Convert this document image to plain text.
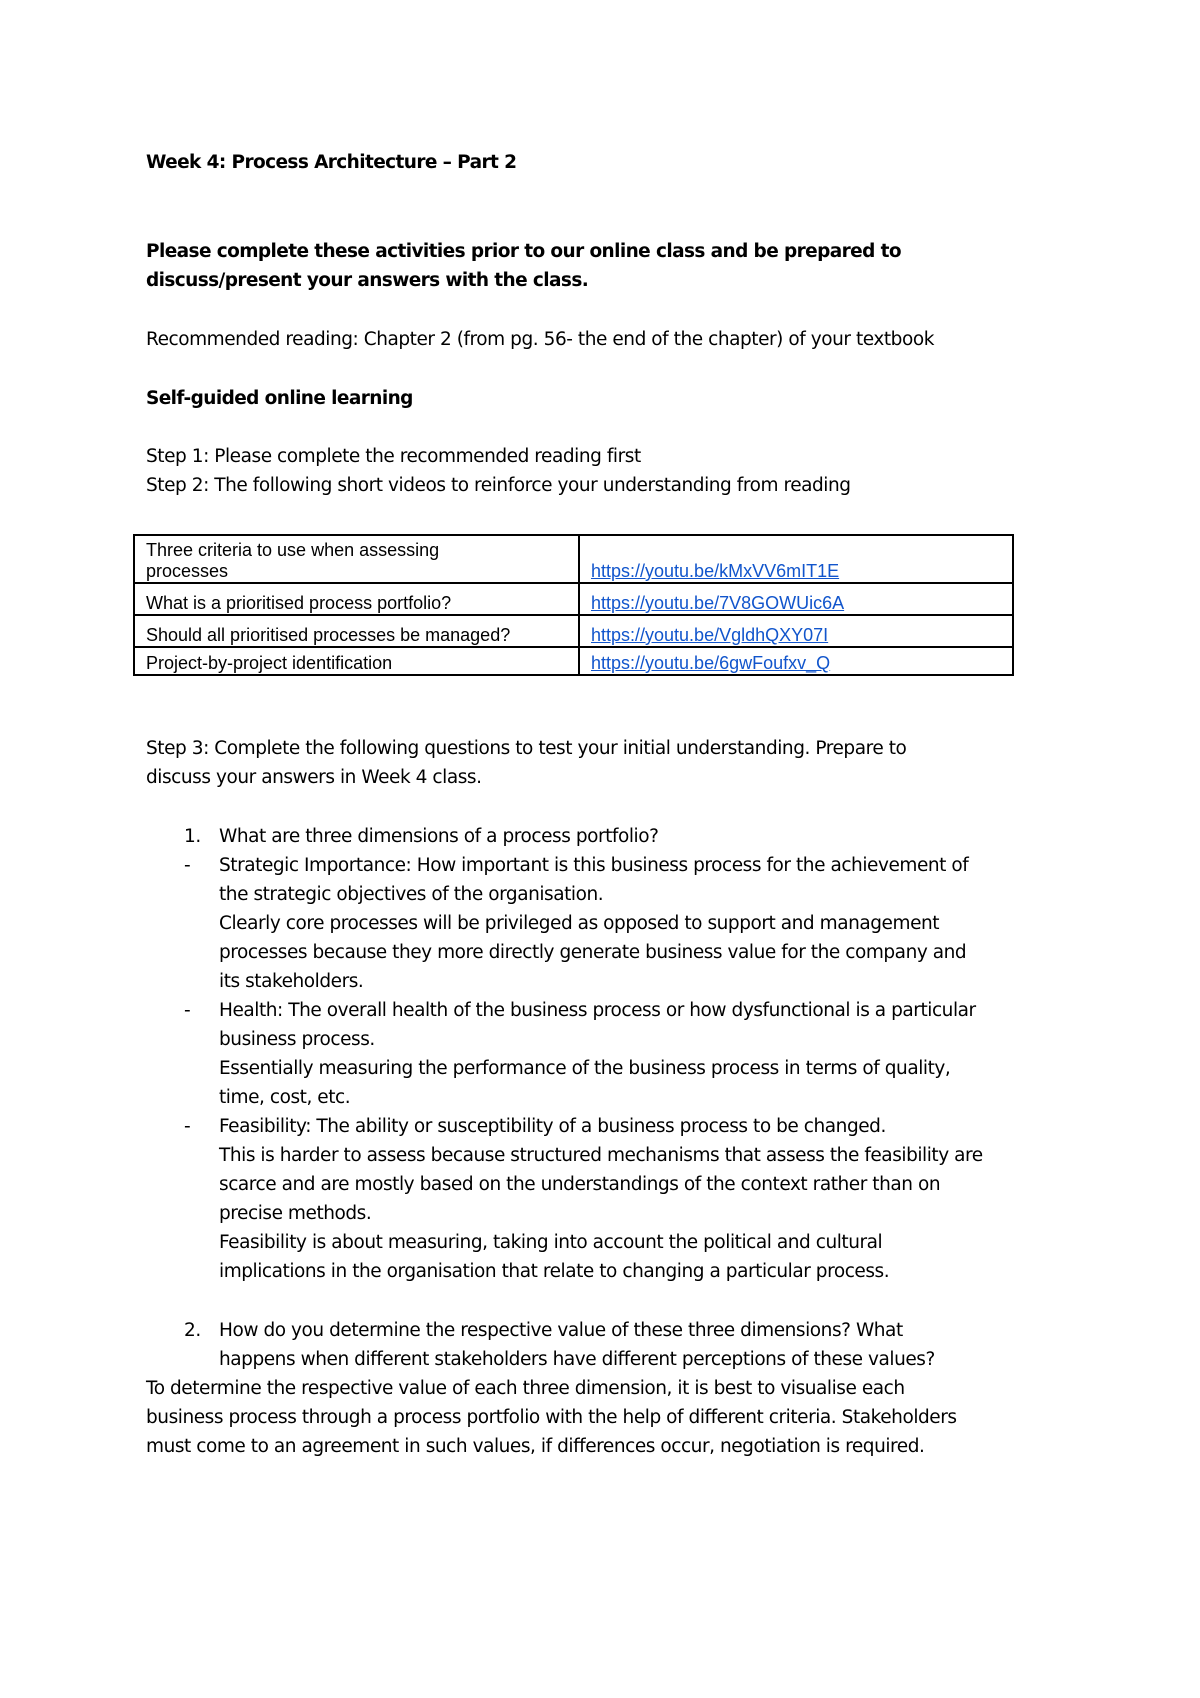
Week 4: Process Architecture – Part 2
Please complete these activities prior to our online class and be prepared to
discuss/present your answers with the class.
Recommended reading: Chapter 2 (from pg. 56- the end of the chapter) of your textbook
Self-guided online learning
Step 1: Please complete the recommended reading first
Step 2: The following short videos to reinforce your understanding from reading
Three criteria to use when assessing
processes	https://youtu.be/kMxVV6mIT1E

What is a prioritised process portfolio?	https://youtu.be/7V8GOWUic6A

Should all prioritised processes be managed?	https://youtu.be/VgldhQXY07I

Project-by-project identification	https://youtu.be/6gwFoufxv_Q
Step 3: Complete the following questions to test your initial understanding. Prepare to
discuss your answers in Week 4 class.
1. What are three dimensions of a process portfolio?
- Strategic Importance: How important is this business process for the achievement of
the strategic objectives of the organisation.
Clearly core processes will be privileged as opposed to support and management
processes because they more directly generate business value for the company and
its stakeholders.
- Health: The overall health of the business process or how dysfunctional is a particular
business process.
Essentially measuring the performance of the business process in terms of quality,
time, cost, etc.
- Feasibility: The ability or susceptibility of a business process to be changed.
This is harder to assess because structured mechanisms that assess the feasibility are
scarce and are mostly based on the understandings of the context rather than on
precise methods.
Feasibility is about measuring, taking into account the political and cultural
implications in the organisation that relate to changing a particular process.
2. How do you determine the respective value of these three dimensions? What
happens when different stakeholders have different perceptions of these values?
To determine the respective value of each three dimension, it is best to visualise each
business process through a process portfolio with the help of different criteria. Stakeholders
must come to an agreement in such values, if differences occur, negotiation is required.
